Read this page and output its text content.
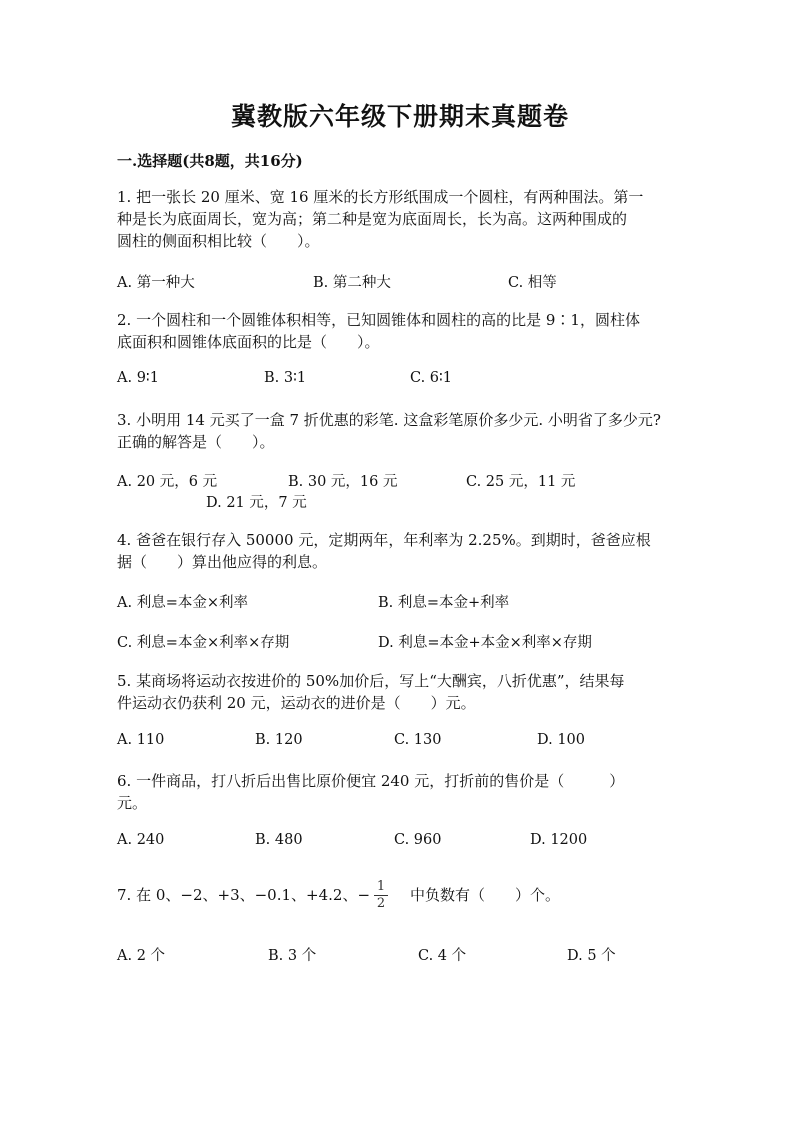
冀教版六年级下册期末真题卷
一.选择题(共8题，共16分)
1. 把一张长 20 厘米、宽 16 厘米的长方形纸围成一个圆柱，有两种围法。第一
种是长为底面周长，宽为高；第二种是宽为底面周长，长为高。这两种围成的
圆柱的侧面积相比较（　　）。
A. 第一种大	B. 第二种大	C. 相等
2. 一个圆柱和一个圆锥体积相等，已知圆锥体和圆柱的高的比是 9∶1，圆柱体
底面积和圆锥体底面积的比是（　　）。
A. 9∶1	B. 3∶1	C. 6∶1
3. 小明用 14 元买了一盒 7 折优惠的彩笔. 这盒彩笔原价多少元. 小明省了多少元?
正确的解答是（　　）。
A. 20 元，6 元	B. 30 元，16 元	C. 25 元，11 元
D. 21 元，7 元
4. 爸爸在银行存入 50000 元，定期两年，年利率为 2.25%。到期时，爸爸应根
据（　　）算出他应得的利息。
A. 利息=本金×利率	B. 利息=本金+利率
C. 利息=本金×利率×存期	D. 利息=本金+本金×利率×存期
5. 某商场将运动衣按进价的 50%加价后，写上“大酬宾，八折优惠”，结果每
件运动衣仍获利 20 元，运动衣的进价是（　　）元。
A. 110	B. 120	C. 130	D. 100
6. 一件商品，打八折后出售比原价便宜 240 元，打折前的售价是（　　　）
元。
A. 240	B. 480	C. 960	D. 1200
7. 在 0、−2、+3、−0.1、+4.2、− 1
2 中负数有（　　）个。
A. 2 个	B. 3 个	C. 4 个	D. 5 个
